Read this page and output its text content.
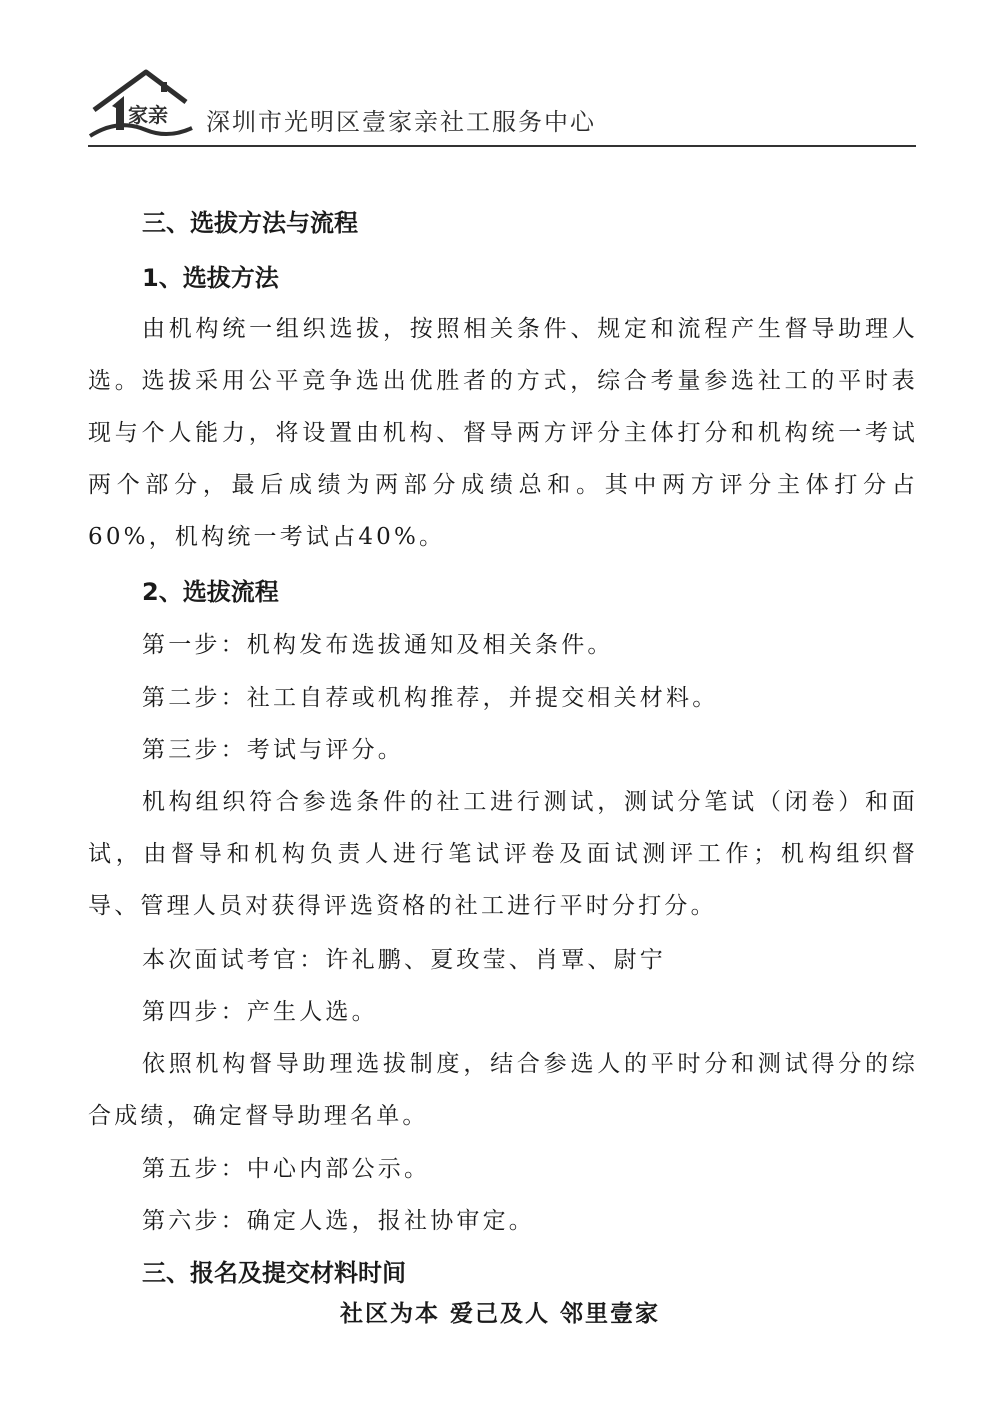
家亲 深圳市光明区壹家亲社工服务中心
三、选拔方法与流程
1、选拔方法

由机构统一组织选拔，按照相关条件、规定和流程产生督导助理人选。选拔采用公平竞争选出优胜者的方式，综合考量参选社工的平时表现与个人能力，将设置由机构、督导两方评分主体打分和机构统一考试两个部分，最后成绩为两部分成绩总和。其中两方评分主体打分占60%，机构统一考试占40%。

2、选拔流程

第一步：机构发布选拔通知及相关条件。

第二步：社工自荐或机构推荐，并提交相关材料。

第三步：考试与评分。

机构组织符合参选条件的社工进行测试，测试分笔试（闭卷）和面试，由督导和机构负责人进行笔试评卷及面试测评工作；机构组织督导、管理人员对获得评选资格的社工进行平时分打分。

本次面试考官：许礼鹏、夏玫莹、肖覃、尉宁

第四步：产生人选。

依照机构督导助理选拔制度，结合参选人的平时分和测试得分的综合成绩，确定督导助理名单。

第五步：中心内部公示。

第六步：确定人选，报社协审定。

三、报名及提交材料时间
社区为本 爱己及人 邻里壹家
